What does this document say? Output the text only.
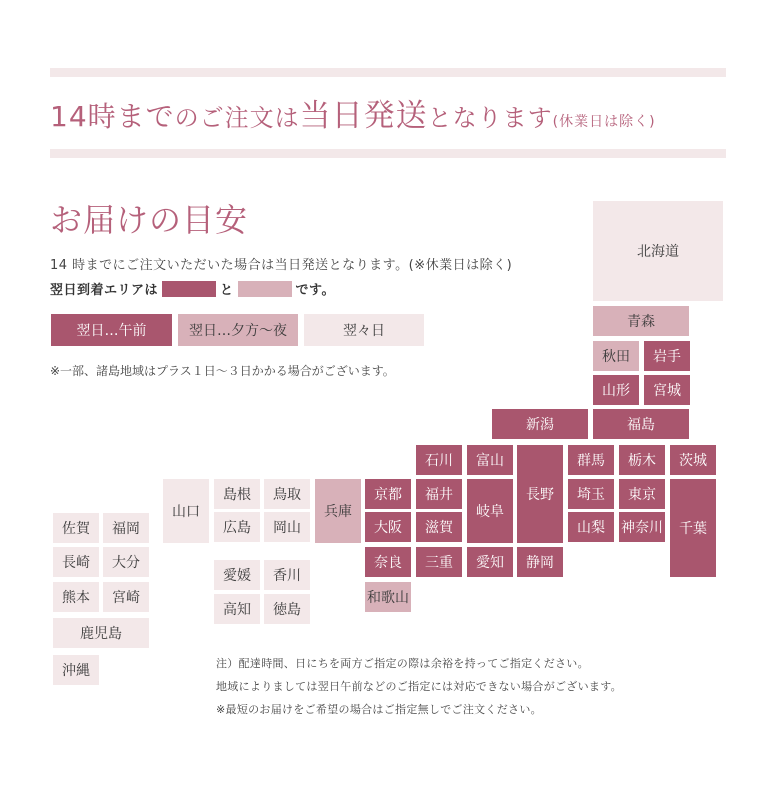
14時までのご注文は当日発送となります(休業日は除く)
お届けの目安
14 時までにご注文いただいた場合は当日発送となります。(※休業日は除く)
翌日到着エリアは	と	です。
翌日…午前	翌日…夕方〜夜	翌々日
※一部、諸島地域はプラス１日〜３日かかる場合がございます。
北海道
青森
秋田	岩手
山形	宮城
新潟	福島
石川	富山
長野
群馬	栃木	茨城
福井
岐阜
埼玉	東京
千葉
滋賀	山梨	神奈川
三重	愛知	静岡
京都
大阪
奈良
和歌山
兵庫
島根	鳥取
広島	岡山
山口
愛媛	香川
高知	徳島
佐賀	福岡
長崎	大分
熊本	宮崎
鹿児島
沖縄	注）配達時間、日にちを両方ご指定の際は余裕を持ってご指定ください。
地域によりましては翌日午前などのご指定には対応できない場合がございます。
※最短のお届けをご希望の場合はご指定無しでご注文ください。
